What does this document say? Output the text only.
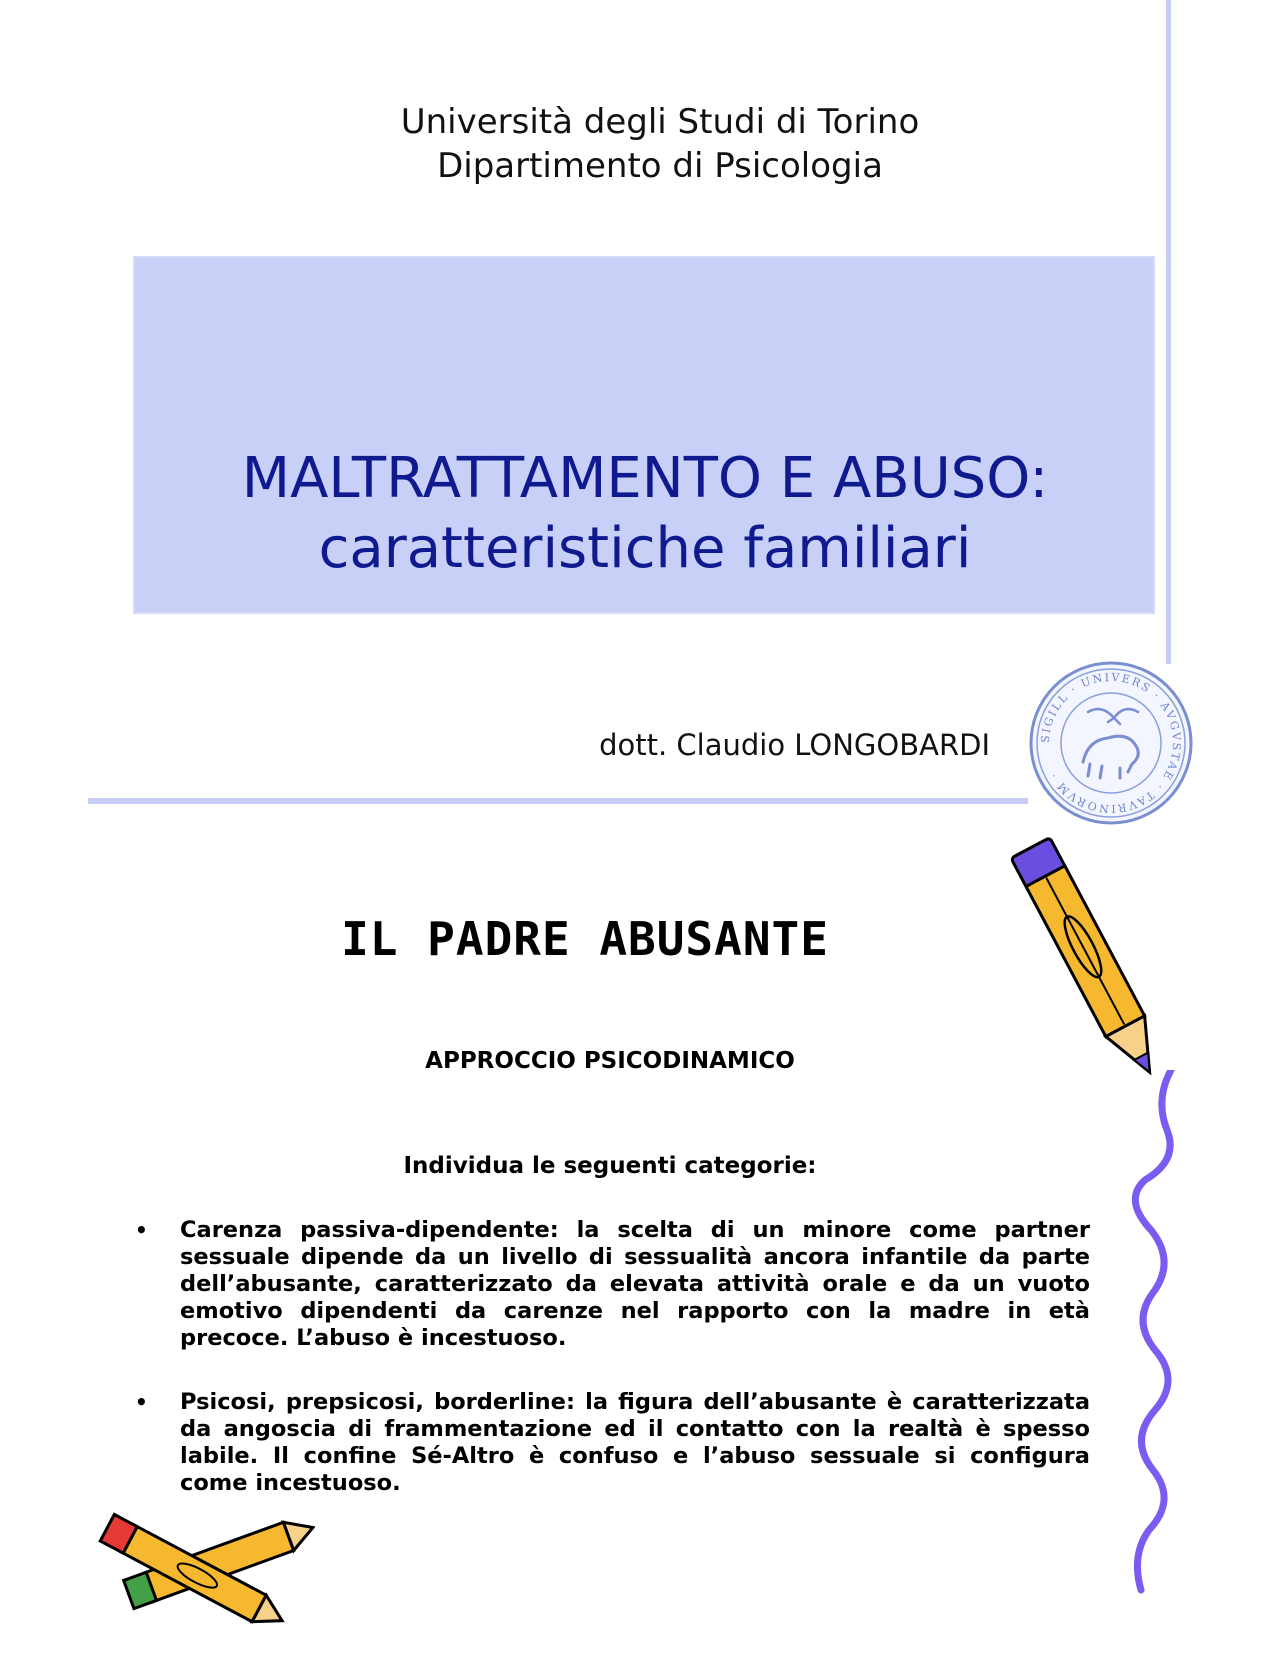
Università degli Studi di Torino
Dipartimento di Psicologia
MALTRATTAMENTO E ABUSO:
caratteristiche familiari
dott. Claudio LONGOBARDI	SIGILL · UNIVERS · AVGVSTAE · TAVRINORVM ·
IL PADRE ABUSANTE
APPROCCIO PSICODINAMICO
Individua le seguenti categorie:
• Carenza passiva-dipendente: la scelta di un minore come partner sessuale dipende da un livello di sessualità ancora infantile da parte dell’abusante, caratterizzato da elevata attività orale e da un vuoto emotivo dipendenti da carenze nel rapporto con la madre in età precoce. L’abuso è incestuoso.
• Psicosi, prepsicosi, borderline: la figura dell’abusante è caratterizzata da angoscia di frammentazione ed il contatto con la realtà è spesso labile. Il confine Sé-Altro è confuso e l’abuso sessuale si configura come incestuoso.
